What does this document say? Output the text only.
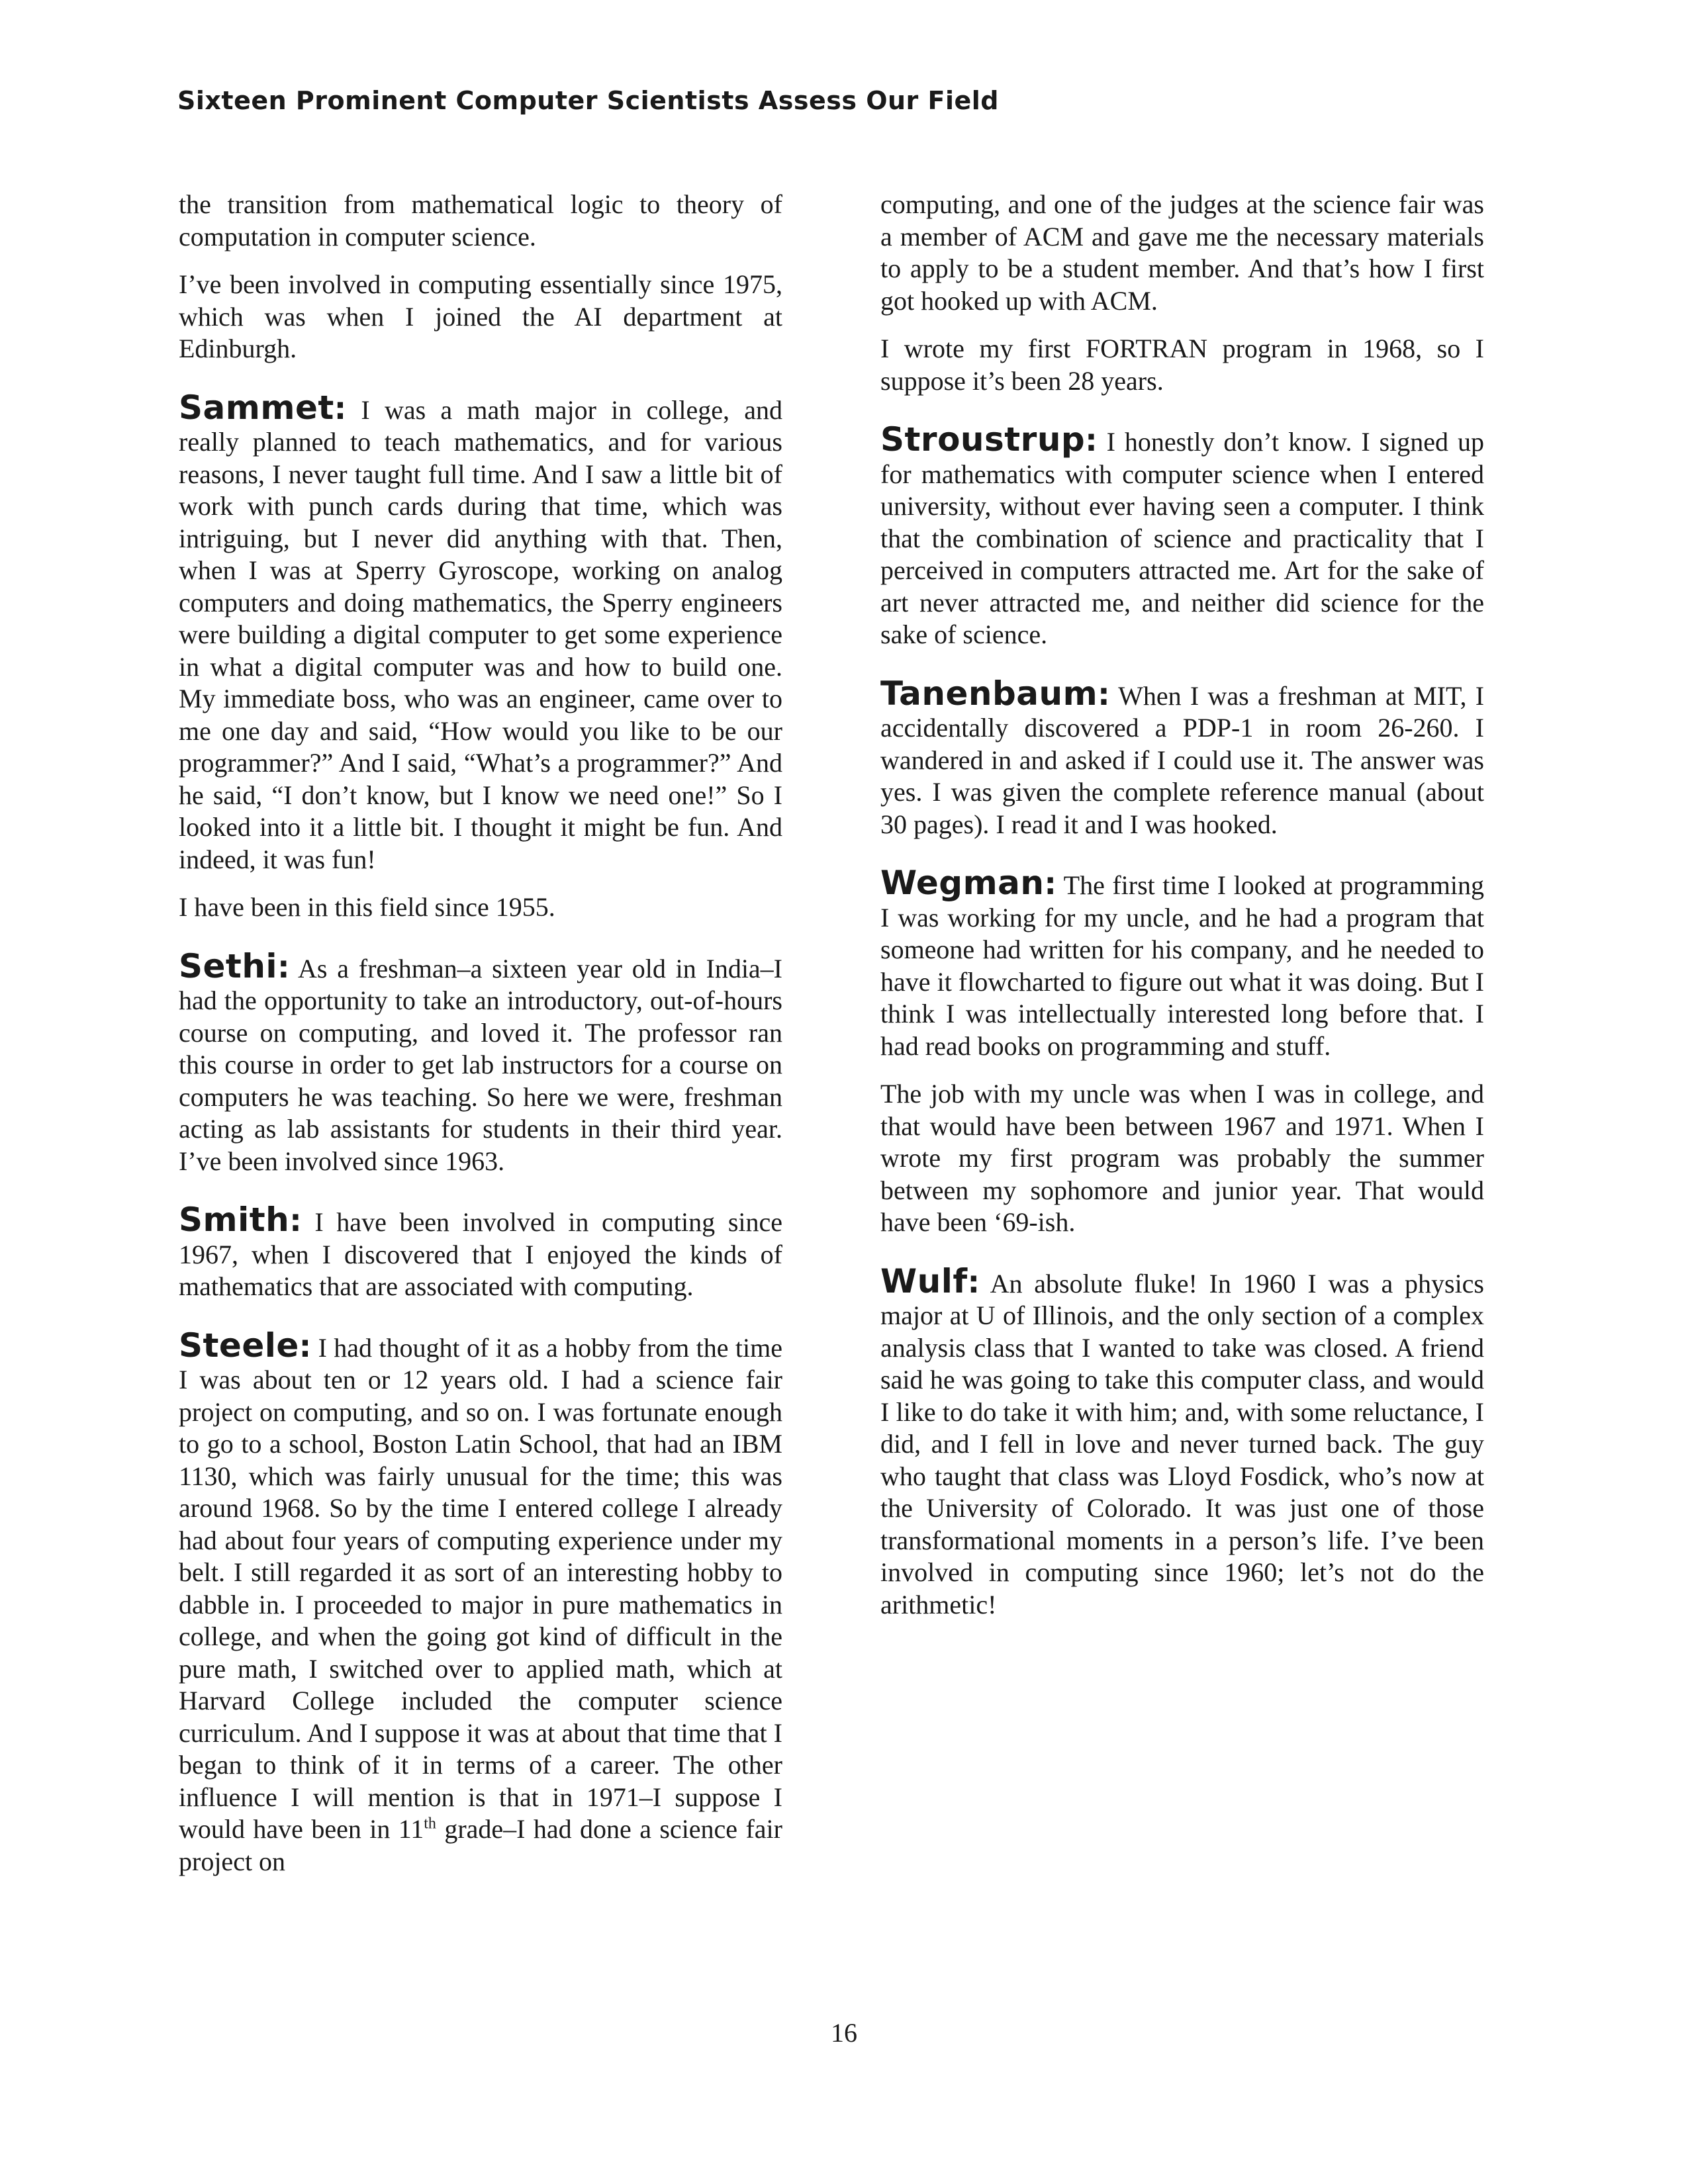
Sixteen Prominent Computer Scientists Assess Our Field

the transition from mathematical logic to theory of computation in computer science.

I’ve been involved in computing essentially since 1975, which was when I joined the AI department at Edinburgh.

Sammet: I was a math major in college, and really planned to teach mathematics, and for various reasons, I never taught full time. And I saw a little bit of work with punch cards during that time, which was intriguing, but I never did anything with that. Then, when I was at Sperry Gyroscope, working on analog computers and doing mathematics, the Sperry engineers were building a digital computer to get some experience in what a digital computer was and how to build one. My immediate boss, who was an engineer, came over to me one day and said, “How would you like to be our programmer?” And I said, “What’s a programmer?” And he said, “I don’t know, but I know we need one!” So I looked into it a little bit. I thought it might be fun. And indeed, it was fun!

I have been in this field since 1955.

Sethi: As a freshman–a sixteen year old in India–I had the opportunity to take an introductory, out-of-hours course on computing, and loved it. The professor ran this course in order to get lab instructors for a course on computers he was teaching. So here we were, freshman acting as lab assistants for students in their third year. I’ve been involved since 1963.

Smith: I have been involved in computing since 1967, when I discovered that I enjoyed the kinds of mathematics that are associated with computing.

Steele: I had thought of it as a hobby from the time I was about ten or 12 years old. I had a science fair project on computing, and so on. I was fortunate enough to go to a school, Boston Latin School, that had an IBM 1130, which was fairly unusual for the time; this was around 1968. So by the time I entered college I already had about four years of computing experience under my belt. I still regarded it as sort of an interesting hobby to dabble in. I proceeded to major in pure mathematics in college, and when the going got kind of difficult in the pure math, I switched over to applied math, which at Harvard College included the computer science curriculum. And I suppose it was at about that time that I began to think of it in terms of a career. The other influence I will mention is that in 1971–I suppose I would have been in 11th grade–I had done a science fair project on

computing, and one of the judges at the science fair was a member of ACM and gave me the necessary materials to apply to be a student member. And that’s how I first got hooked up with ACM.

I wrote my first FORTRAN program in 1968, so I suppose it’s been 28 years.

Stroustrup: I honestly don’t know. I signed up for mathematics with computer science when I entered university, without ever having seen a computer. I think that the combination of science and practicality that I perceived in computers attracted me. Art for the sake of art never attracted me, and neither did science for the sake of science.

Tanenbaum: When I was a freshman at MIT, I accidentally discovered a PDP-1 in room 26-260. I wandered in and asked if I could use it. The answer was yes. I was given the complete reference manual (about 30 pages). I read it and I was hooked.

Wegman: The first time I looked at programming I was working for my uncle, and he had a program that someone had written for his company, and he needed to have it flowcharted to figure out what it was doing. But I think I was intellectually interested long before that. I had read books on programming and stuff.

The job with my uncle was when I was in college, and that would have been between 1967 and 1971. When I wrote my first program was probably the summer between my sophomore and junior year. That would have been ‘69-ish.

Wulf: An absolute fluke! In 1960 I was a physics major at U of Illinois, and the only section of a complex analysis class that I wanted to take was closed. A friend said he was going to take this computer class, and would I like to do take it with him; and, with some reluctance, I did, and I fell in love and never turned back. The guy who taught that class was Lloyd Fosdick, who’s now at the University of Colorado. It was just one of those transformational moments in a person’s life. I’ve been involved in computing since 1960; let’s not do the arithmetic!

16
